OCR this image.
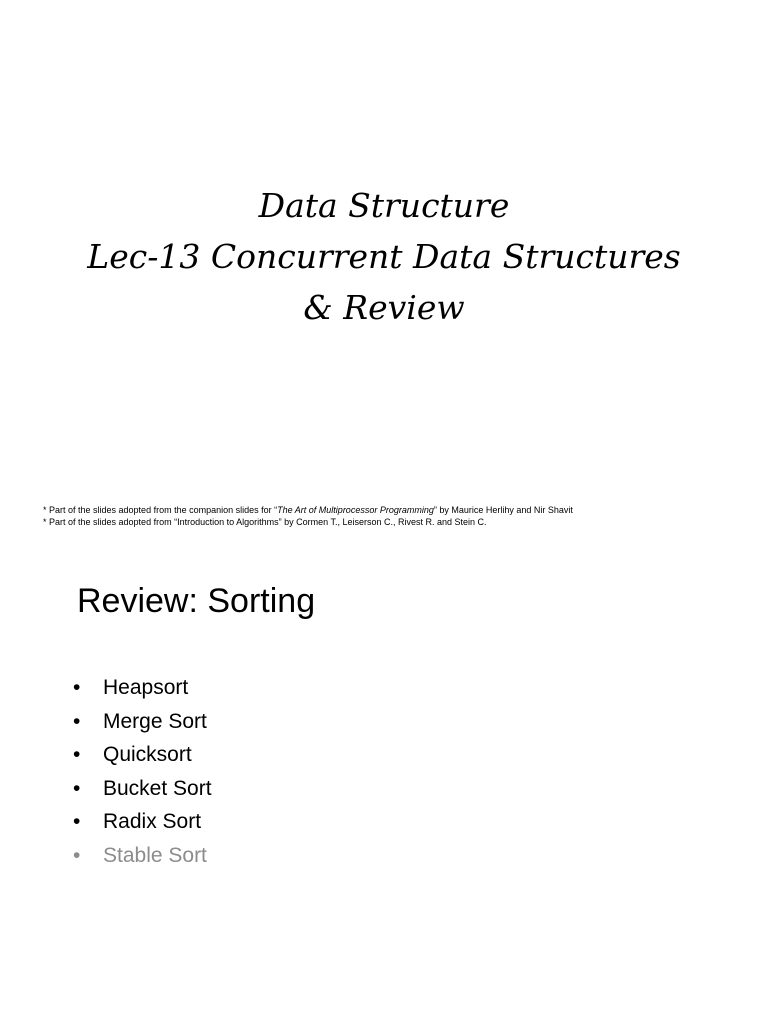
Data Structure
Lec-13 Concurrent Data Structures
& Review
* Part of the slides adopted from the companion slides for “The Art of Multiprocessor Programming” by Maurice Herlihy and Nir Shavit
* Part of the slides adopted from “Introduction to Algorithms” by Cormen T., Leiserson C., Rivest R. and Stein C.
Review: Sorting
•	Heapsort
•	Merge Sort
•	Quicksort
•	Bucket Sort
•	Radix Sort
•	Stable Sort
